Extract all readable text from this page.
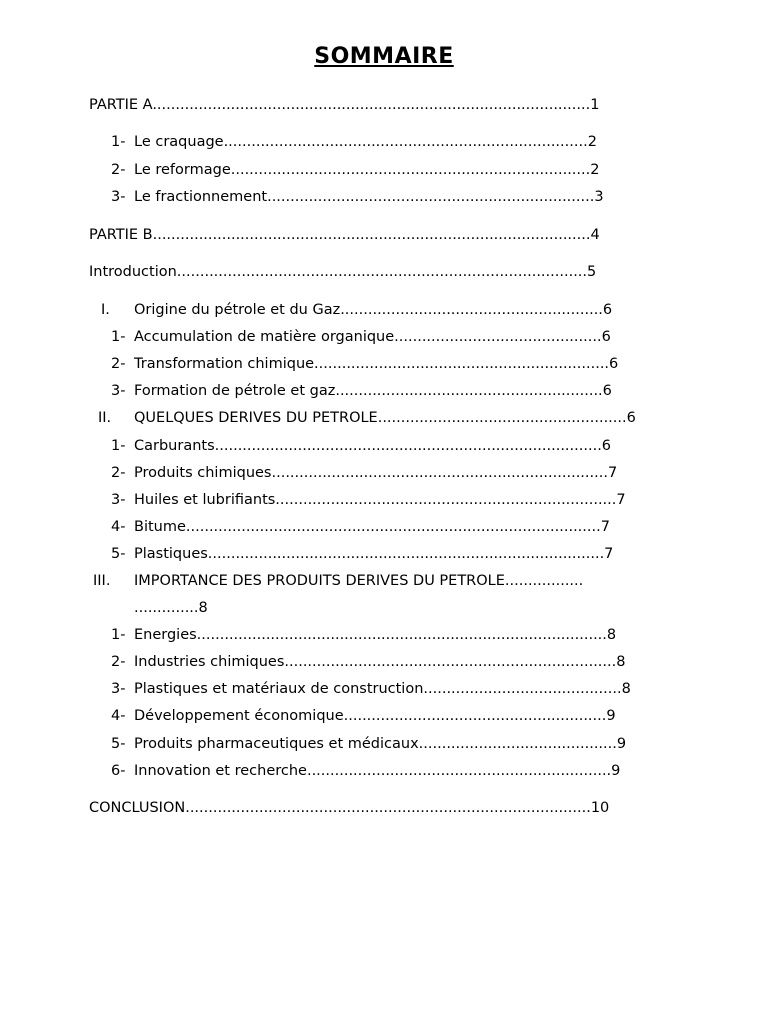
SOMMAIRE
PARTIE A...............................................................................................1
1- Le craquage...............................................................................2
2- Le reformage..............................................................................2
3- Le fractionnement.......................................................................3
PARTIE B...............................................................................................4
Introduction.........................................................................................5
I. Origine du pétrole et du Gaz.........................................................6
1- Accumulation de matière organique.............................................6
2- Transformation chimique................................................................6
3- Formation de pétrole et gaz..........................................................6
II. QUELQUES DERIVES DU PETROLE......................................................6
1- Carburants....................................................................................6
2- Produits chimiques.........................................................................7
3- Huiles et lubrifiants..........................................................................7
4- Bitume..........................................................................................7
5- Plastiques......................................................................................7
III. IMPORTANCE DES PRODUITS DERIVES DU PETROLE.................
..............8
1- Energies.........................................................................................8
2- Industries chimiques........................................................................8
3- Plastiques et matériaux de construction...........................................8
4- Développement économique.........................................................9
5- Produits pharmaceutiques et médicaux...........................................9
6- Innovation et recherche..................................................................9
CONCLUSION........................................................................................10
